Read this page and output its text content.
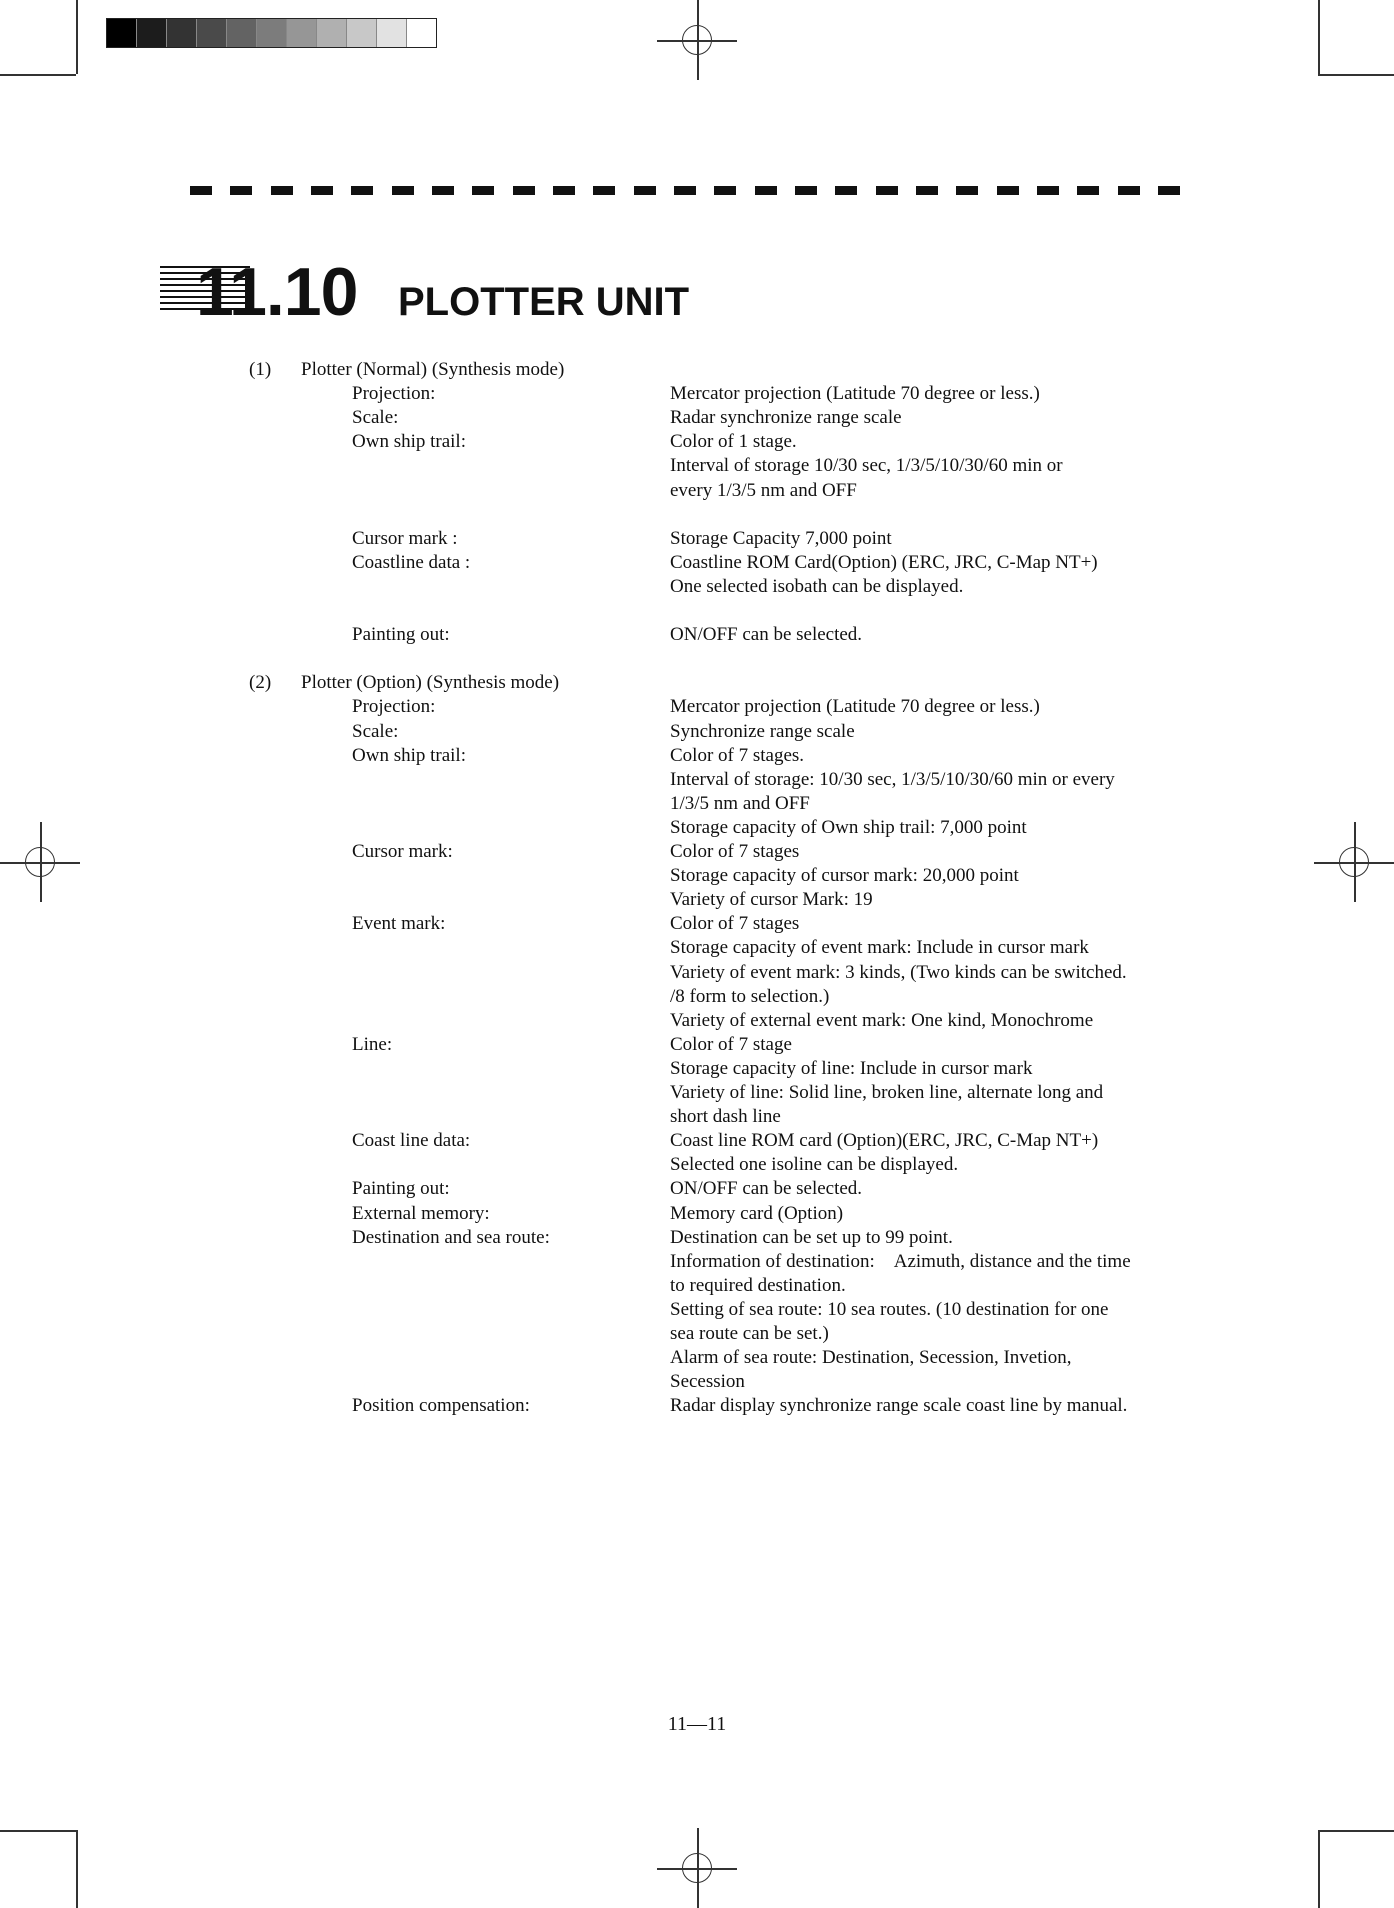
11.10 PLOTTER UNIT
(1) Plotter (Normal) (Synthesis mode)
Projection:	Mercator projection (Latitude 70 degree or less.)
Scale:	Radar synchronize range scale
Own ship trail:	Color of 1 stage.
Interval of storage 10/30 sec, 1/3/5/10/30/60 min or
every 1/3/5 nm and OFF
Cursor mark :	Storage Capacity 7,000 point
Coastline data :	Coastline ROM Card(Option) (ERC, JRC, C-Map NT+)
One selected isobath can be displayed.
Painting out:	ON/OFF can be selected.
(2) Plotter (Option) (Synthesis mode)
Projection:	Mercator projection (Latitude 70 degree or less.)
Scale:	Synchronize range scale
Own ship trail:	Color of 7 stages.
Interval of storage: 10/30 sec, 1/3/5/10/30/60 min or every
1/3/5 nm and OFF
Storage capacity of Own ship trail: 7,000 point
Cursor mark:	Color of 7 stages
Storage capacity of cursor mark: 20,000 point
Variety of cursor Mark: 19
Event mark:	Color of 7 stages
Storage capacity of event mark: Include in cursor mark
Variety of event mark: 3 kinds, (Two kinds can be switched.
/8 form to selection.)
Variety of external event mark: One kind, Monochrome
Line:	Color of 7 stage
Storage capacity of line: Include in cursor mark
Variety of line: Solid line, broken line, alternate long and
short dash line
Coast line data:	Coast line ROM card (Option)(ERC, JRC, C-Map NT+)
Selected one isoline can be displayed.
Painting out:	ON/OFF can be selected.
External memory:	Memory card (Option)
Destination and sea route:	Destination can be set up to 99 point.
Information of destination:　Azimuth, distance and the time
to required destination.
Setting of sea route: 10 sea routes. (10 destination for one
sea route can be set.)
Alarm of sea route: Destination, Secession, Invetion,
Secession
Position compensation:	Radar display synchronize range scale coast line by manual.
11—11
